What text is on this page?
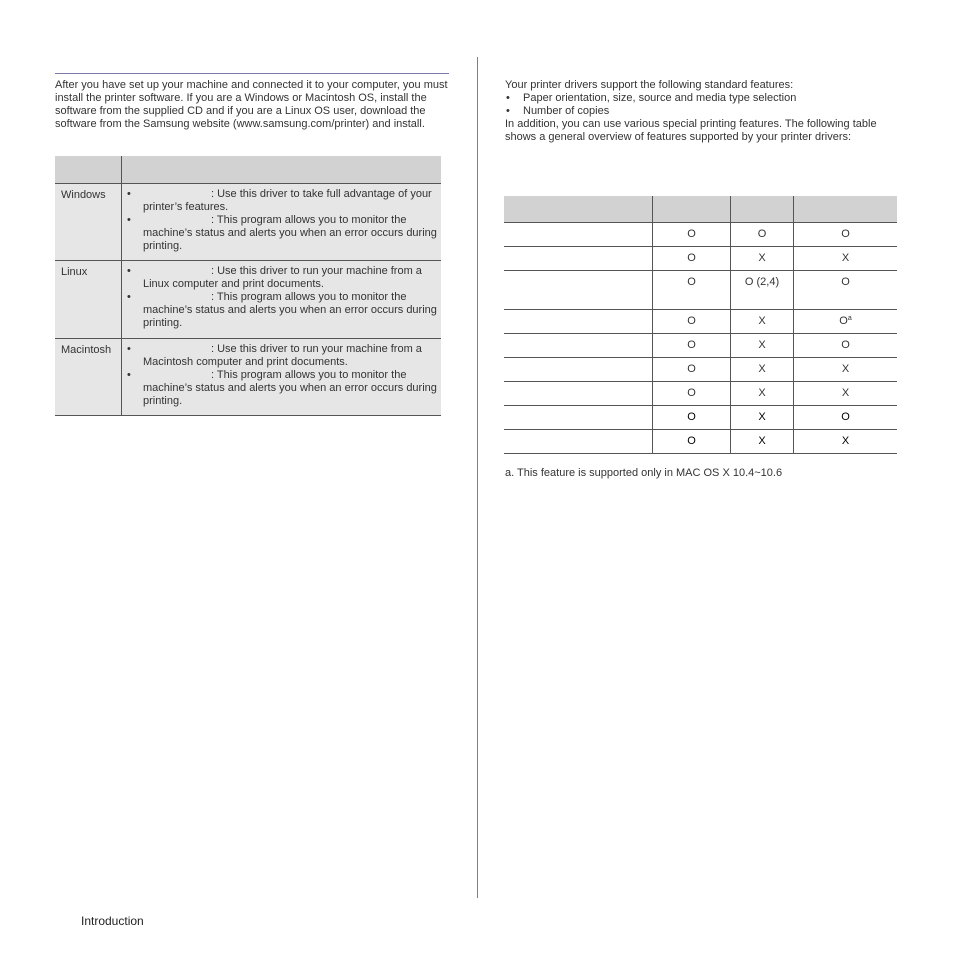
After you have set up your machine and connected it to your computer, you must install the printer software. If you are a Windows or Macintosh OS, install the software from the supplied CD and if you are a Linux OS user, download the software from the Samsung website (www.samsung.com/printer) and install.

Windows	• : Use this driver to take full advantage of your printer’s features.

• : This program allows you to monitor the machine’s status and alerts you when an error occurs during printing.

Linux	• : Use this driver to run your machine from a Linux computer and print documents.

• : This program allows you to monitor the machine’s status and alerts you when an error occurs during printing.

Macintosh	• : Use this driver to run your machine from a Macintosh computer and print documents.

• : This program allows you to monitor the machine’s status and alerts you when an error occurs during printing.

Your printer drivers support the following standard features:

• Paper orientation, size, source and media type selection

• Number of copies

In addition, you can use various special printing features. The following table shows a general overview of features supported by your printer drivers:

	O	O	O
	O	X	X
	O	O (2,4)	O
	O	X	$O^a$
	O	X	O
	O	X	X
	O	X	X
	O	X	O
	O	X	X
a. This feature is supported only in MAC OS X 10.4~10.6
Introduction
